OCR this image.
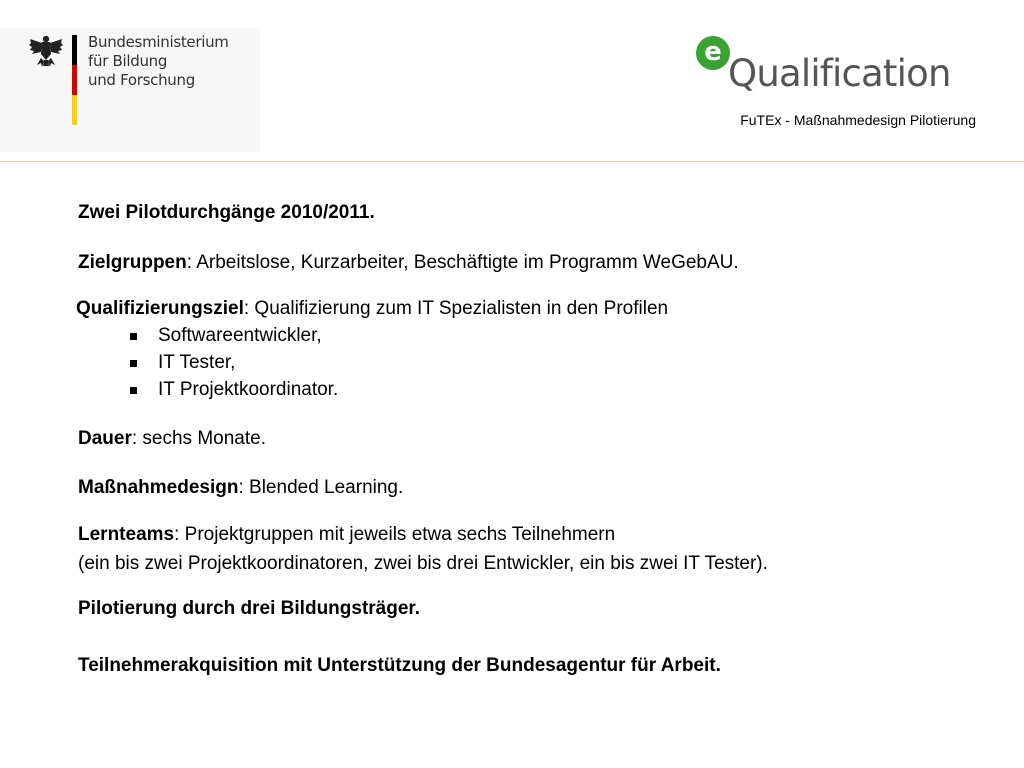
Bundesministerium
für Bildung
und Forschung
e Qualification
FuTEx - Maßnahmedesign Pilotierung
Zwei Pilotdurchgänge 2010/2011.
Zielgruppen: Arbeitslose, Kurzarbeiter, Beschäftigte im Programm WeGebAU.
Qualifizierungsziel: Qualifizierung zum IT Spezialisten in den Profilen
Softwareentwickler,
IT Tester,
IT Projektkoordinator.
Dauer: sechs Monate.
Maßnahmedesign: Blended Learning.
Lernteams: Projektgruppen mit jeweils etwa sechs Teilnehmern
(ein bis zwei Projektkoordinatoren, zwei bis drei Entwickler, ein bis zwei IT Tester).
Pilotierung durch drei Bildungsträger.
Teilnehmerakquisition mit Unterstützung der Bundesagentur für Arbeit.
